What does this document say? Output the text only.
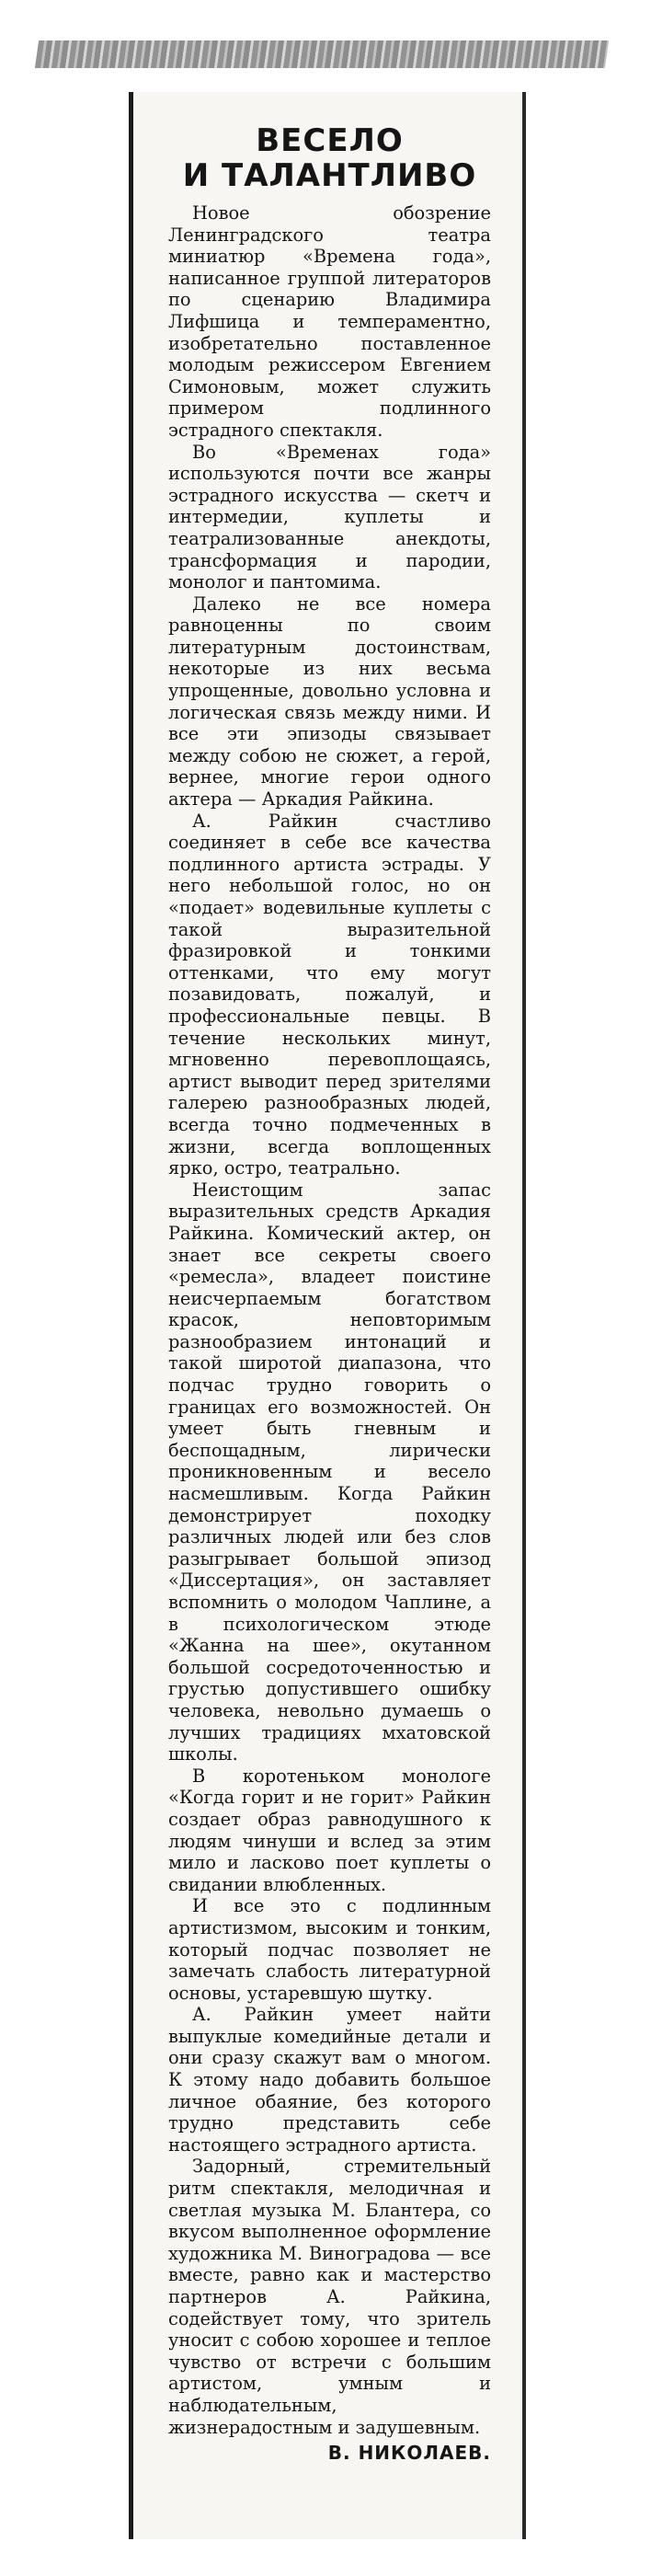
ВЕСЕЛО
И ТАЛАНТЛИВО

Новое обозрение Ленинградского театра миниатюр «Времена года», написанное группой литераторов по сценарию Владимира Лифшица и темпераментно, изобретательно поставленное молодым режиссером Евгением Симоновым, может служить примером подлинного эстрадного спектакля.

Во «Временах года» используются почти все жанры эстрадного искусства — скетч и интермедии, куплеты и театрализованные анекдоты, трансформация и пародии, монолог и пантомима.

Далеко не все номера равноценны по своим литературным достоинствам, некоторые из них весьма упрощенные, довольно условна и логическая связь между ними. И все эти эпизоды связывает между собою не сюжет, а герой, вернее, многие герои одного актера — Аркадия Райкина.

А. Райкин счастливо соединяет в себе все качества подлинного артиста эстрады. У него небольшой голос, но он «подает» водевильные куплеты с такой выразительной фразировкой и тонкими оттенками, что ему могут позавидовать, пожалуй, и профессиональные певцы. В течение нескольких минут, мгновенно перевоплощаясь, артист выводит перед зрителями галерею разнообразных людей, всегда точно подмеченных в жизни, всегда воплощенных ярко, остро, театрально.

Неистощим запас выразительных средств Аркадия Райкина. Комический актер, он знает все секреты своего «ремесла», владеет поистине неисчерпаемым богатством красок, неповторимым разнообразием интонаций и такой широтой диапазона, что подчас трудно говорить о границах его возможностей. Он умеет быть гневным и беспощадным, лирически проникновенным и весело насмешливым. Когда Райкин демонстрирует походку различных людей или без слов разыгрывает большой эпизод «Диссертация», он заставляет вспомнить о молодом Чаплине, а в психологическом этюде «Жанна на шее», окутанном большой сосредоточенностью и грустью допустившего ошибку человека, невольно думаешь о лучших традициях мхатовской школы.

В коротеньком монологе «Когда горит и не горит» Райкин создает образ равнодушного к людям чинуши и вслед за этим мило и ласково поет куплеты о свидании влюбленных.

И все это с подлинным артистизмом, высоким и тонким, который подчас позволяет не замечать слабость литературной основы, устаревшую шутку.

А. Райкин умеет найти выпуклые комедийные детали и они сразу скажут вам о многом. К этому надо добавить большое личное обаяние, без которого трудно представить себе настоящего эстрадного артиста.

Задорный, стремительный ритм спектакля, мелодичная и светлая музыка М. Блантера, со вкусом выполненное оформление художника М. Виноградова — все вместе, равно как и мастерство партнеров А. Райкина, содействует тому, что зритель уносит с собою хорошее и теплое чувство от встречи с большим артистом, умным и наблюдательным, жизнерадостным и задушевным.

В. НИКОЛАЕВ.
